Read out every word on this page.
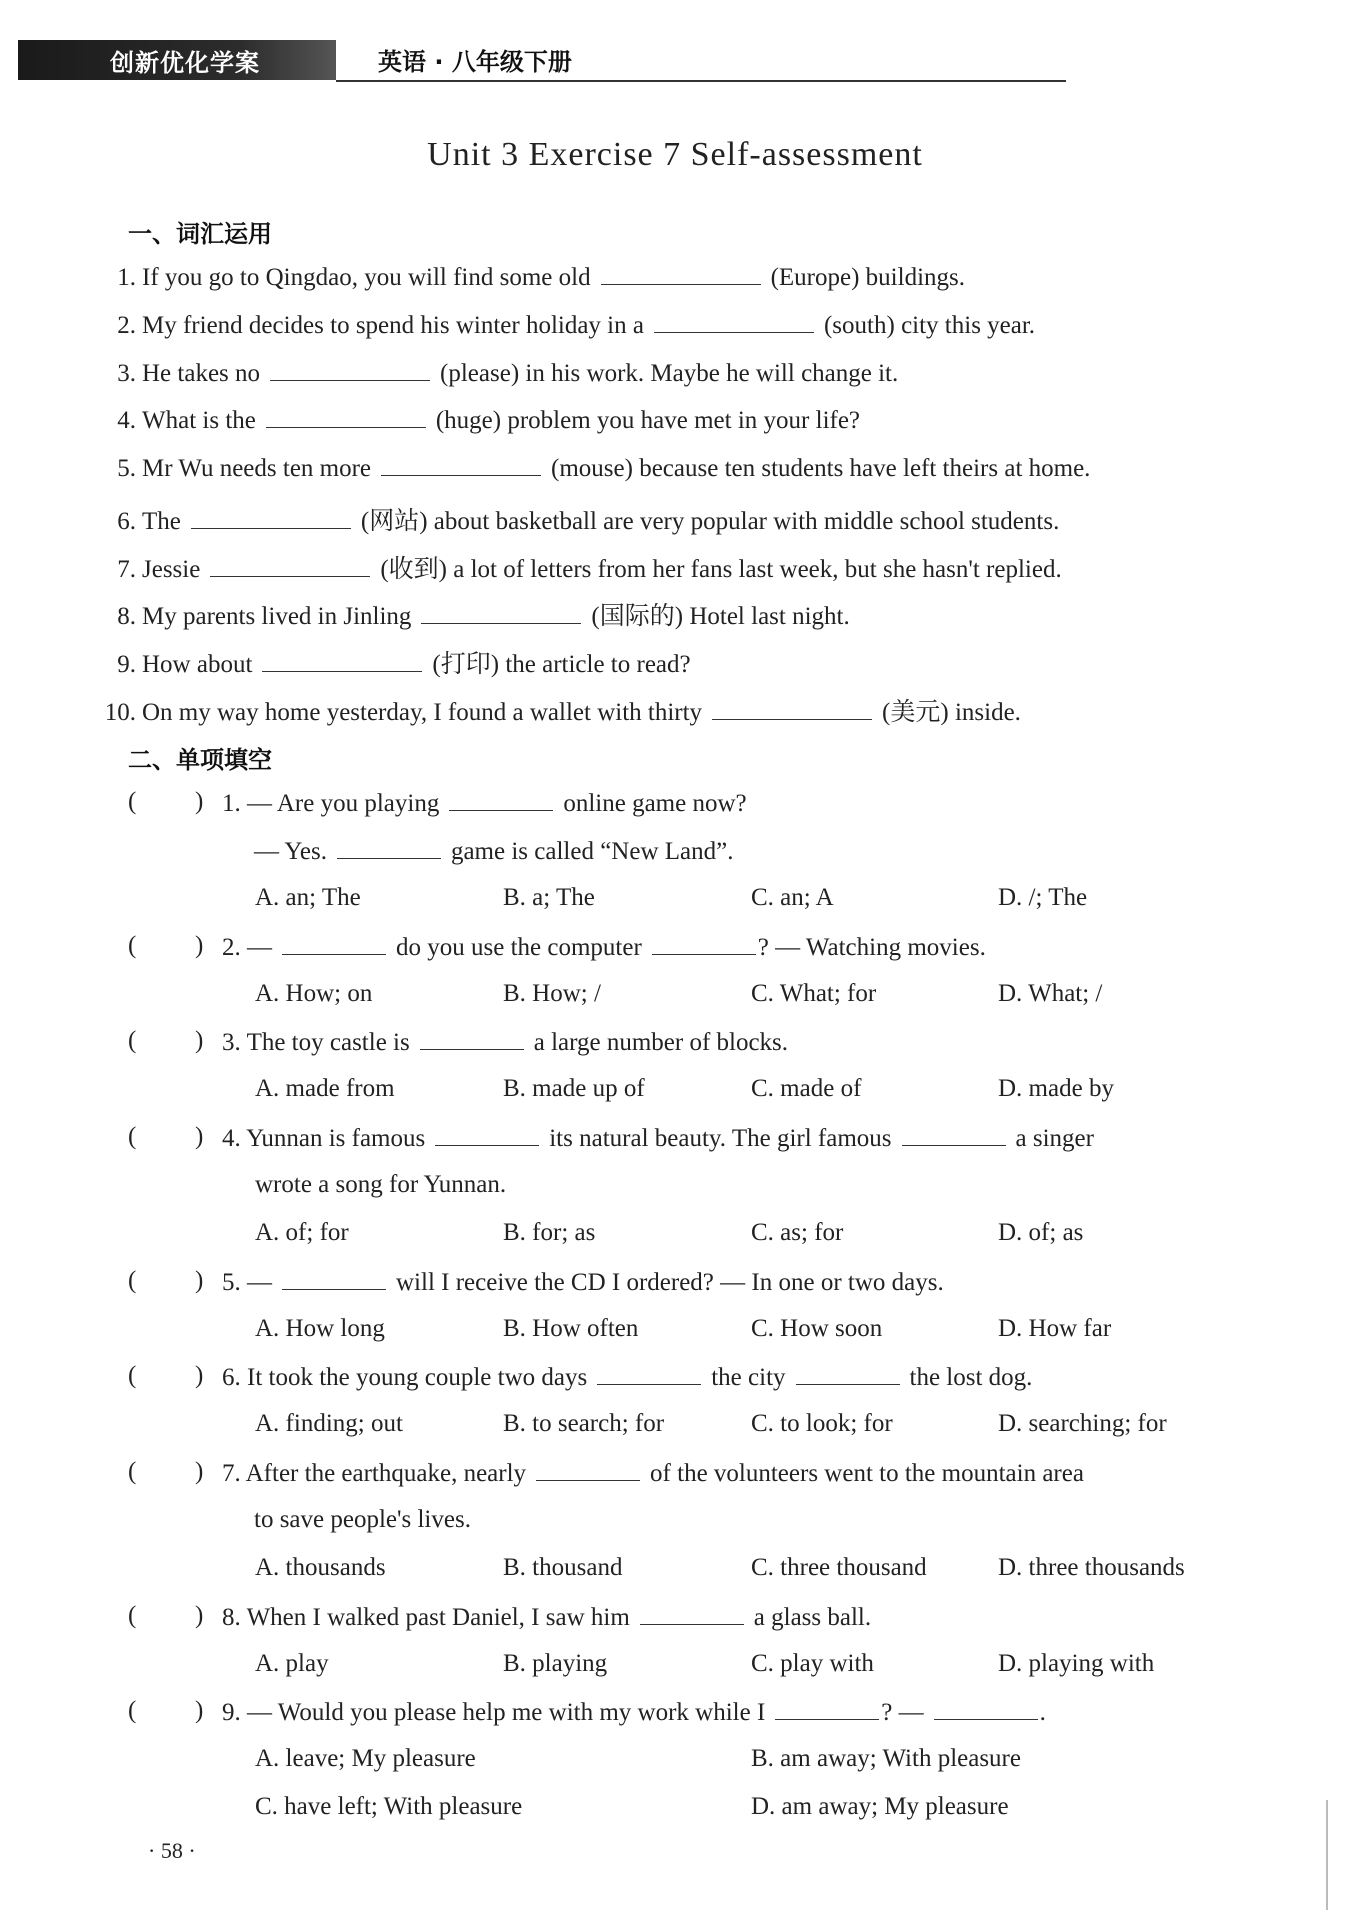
创新优化学案	英语 · 八年级下册
Unit 3 Exercise 7 Self-assessment
一、词汇运用
1. If you go to Qingdao, you will find some old	(Europe) buildings.
2. My friend decides to spend his winter holiday in a	(south) city this year.
3. He takes no	(please) in his work. Maybe he will change it.
4. What is the	(huge) problem you have met in your life?
5. Mr Wu needs ten more	(mouse) because ten students have left theirs at home.
6. The	(网站) about basketball are very popular with middle school students.
7. Jessie	(收到) a lot of letters from her fans last week, but she hasn't replied.
8. My parents lived in Jinling	(国际的) Hotel last night.
9. How about	(打印) the article to read?
10. On my way home yesterday, I found a wallet with thirty	(美元) inside.
二、单项填空
( ) 1. — Are you playing	online game now?
— Yes.	game is called “New Land”.
A. an; The	B. a; The	C. an; A	D. /; The
( ) 2. —	do you use the computer	? — Watching movies.
A. How; on	B. How; /	C. What; for	D. What; /
( ) 3. The toy castle is	a large number of blocks.
A. made from	B. made up of	C. made of	D. made by
( ) 4. Yunnan is famous	its natural beauty. The girl famous	a singer
wrote a song for Yunnan.
A. of; for	B. for; as	C. as; for	D. of; as
( ) 5. —	will I receive the CD I ordered? — In one or two days.
A. How long	B. How often	C. How soon	D. How far
( ) 6. It took the young couple two days	the city	the lost dog.
A. finding; out	B. to search; for	C. to look; for	D. searching; for
( ) 7. After the earthquake, nearly	of the volunteers went to the mountain area
to save people's lives.
A. thousands	B. thousand	C. three thousand	D. three thousands
( ) 8. When I walked past Daniel, I saw him	a glass ball.
A. play	B. playing	C. play with	D. playing with
( ) 9. — Would you please help me with my work while I	? —	.
A. leave; My pleasure	B. am away; With pleasure
C. have left; With pleasure	D. am away; My pleasure
· 58 ·
